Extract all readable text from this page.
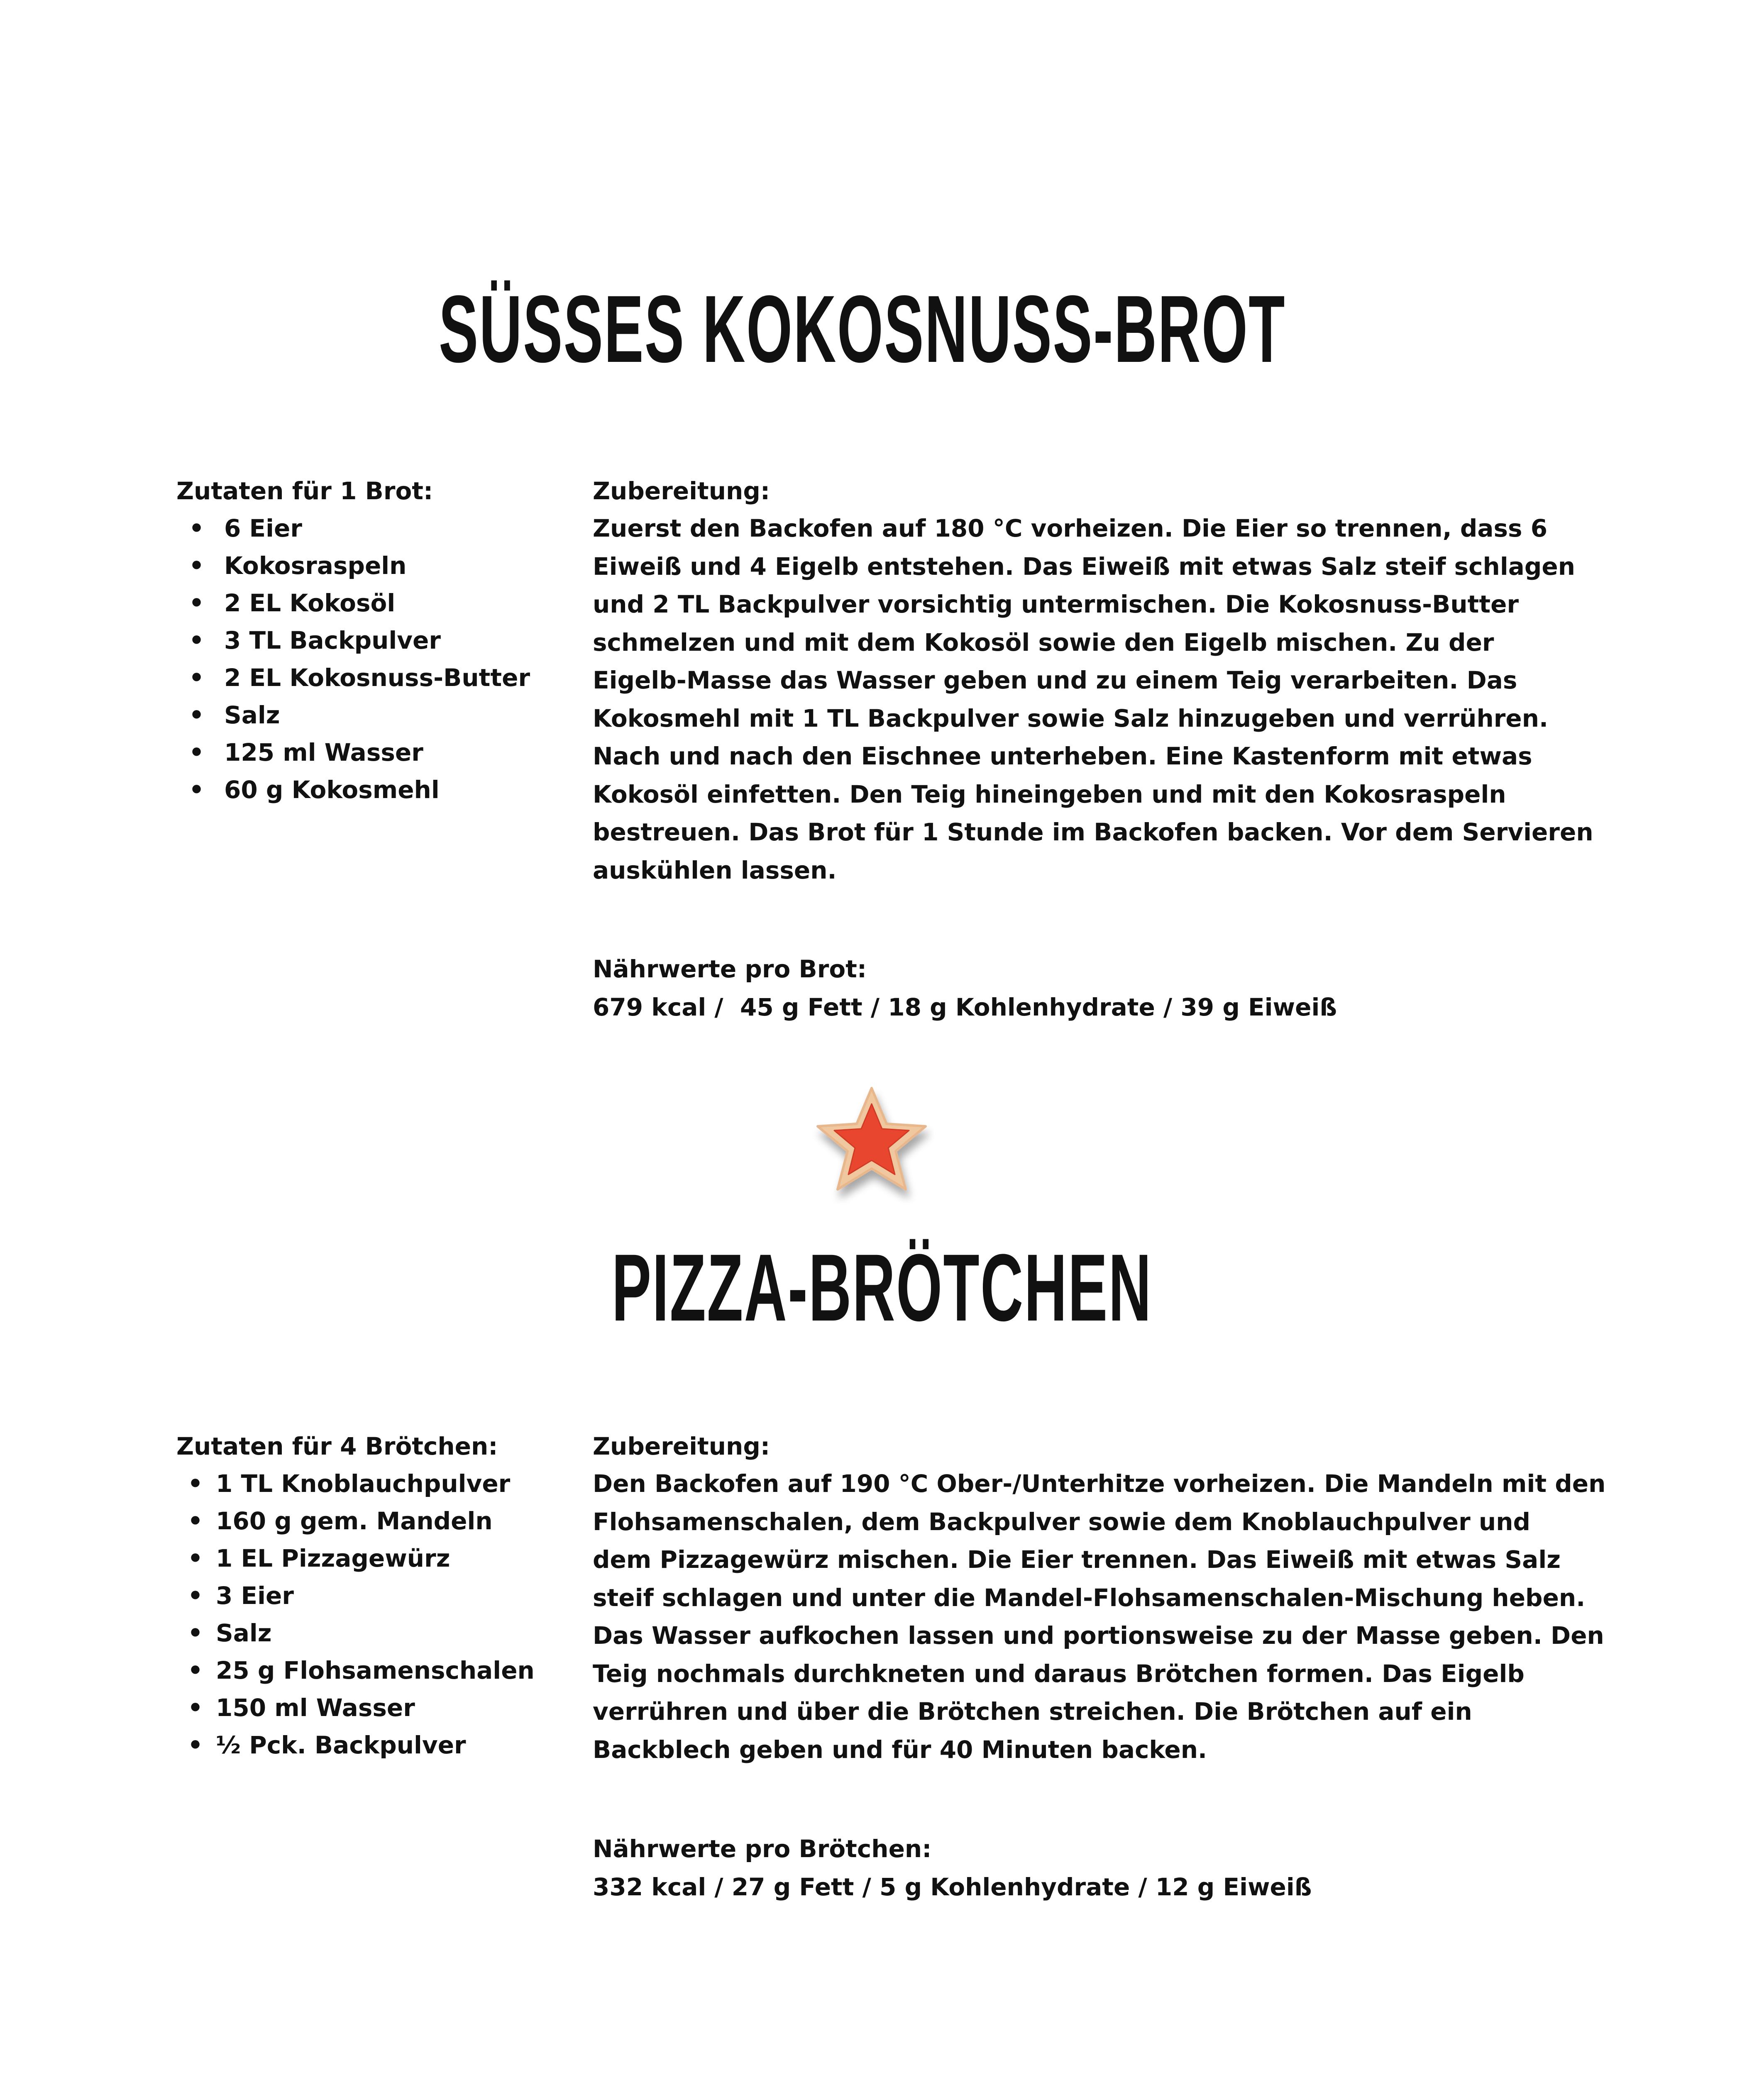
SÜSSES KOKOSNUSS-BROT
Zutaten für 1 Brot:
• 6 Eier
• Kokosraspeln
• 2 EL Kokosöl
• 3 TL Backpulver
• 2 EL Kokosnuss-Butter
• Salz
• 125 ml Wasser
• 60 g Kokosmehl
Zubereitung:

Zuerst den Backofen auf 180 °C vorheizen. Die Eier so trennen, dass 6

Eiweiß und 4 Eigelb entstehen. Das Eiweiß mit etwas Salz steif schlagen

und 2 TL Backpulver vorsichtig untermischen. Die Kokosnuss-Butter

schmelzen und mit dem Kokosöl sowie den Eigelb mischen. Zu der

Eigelb-Masse das Wasser geben und zu einem Teig verarbeiten. Das

Kokosmehl mit 1 TL Backpulver sowie Salz hinzugeben und verrühren.

Nach und nach den Eischnee unterheben. Eine Kastenform mit etwas

Kokosöl einfetten. Den Teig hineingeben und mit den Kokosraspeln

bestreuen. Das Brot für 1 Stunde im Backofen backen. Vor dem Servieren

auskühlen lassen.

Nährwerte pro Brot:

679 kcal /  45 g Fett / 18 g Kohlenhydrate / 39 g Eiweiß

PIZZA-BRÖTCHEN
Zutaten für 4 Brötchen:
• 1 TL Knoblauchpulver
• 160 g gem. Mandeln
• 1 EL Pizzagewürz
• 3 Eier
• Salz
• 25 g Flohsamenschalen
• 150 ml Wasser
• ½ Pck. Backpulver
Zubereitung:

Den Backofen auf 190 °C Ober-/Unterhitze vorheizen. Die Mandeln mit den

Flohsamenschalen, dem Backpulver sowie dem Knoblauchpulver und

dem Pizzagewürz mischen. Die Eier trennen. Das Eiweiß mit etwas Salz

steif schlagen und unter die Mandel-Flohsamenschalen-Mischung heben.

Das Wasser aufkochen lassen und portionsweise zu der Masse geben. Den

Teig nochmals durchkneten und daraus Brötchen formen. Das Eigelb

verrühren und über die Brötchen streichen. Die Brötchen auf ein

Backblech geben und für 40 Minuten backen.

Nährwerte pro Brötchen:

332 kcal / 27 g Fett / 5 g Kohlenhydrate / 12 g Eiweiß
